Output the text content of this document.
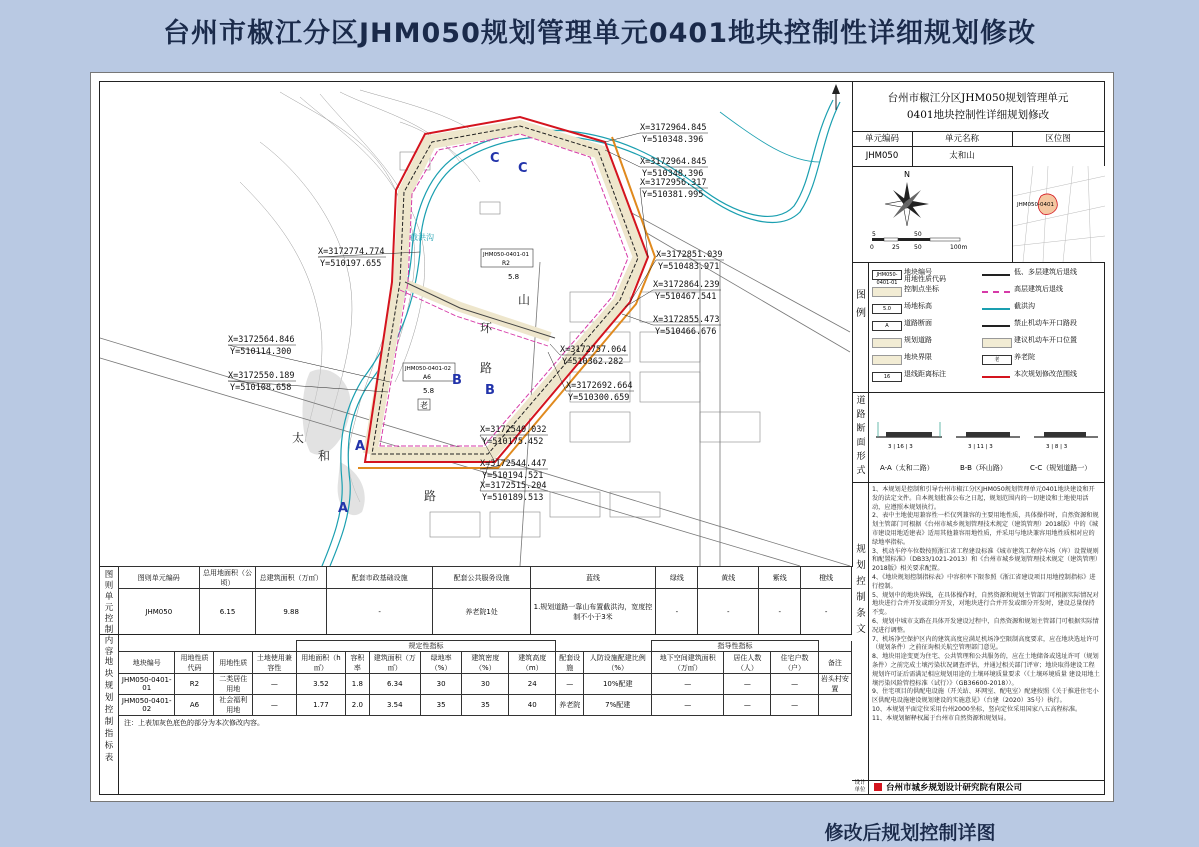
台州市椒江分区JHM050规划管理单元0401地块控制性详细规划修改
截洪沟
JHM050-0401-01
R2
5.8
JHM050-0401-02
A6
5.8
老
太
和
路
环
山
路
C
C
B
B
A
A
X=3172964.845
Y=510348.396
X=3172964.845
Y=510348.396
X=3172956.317
Y=510381.995
X=3172851.039
Y=510483.971
X=3172864.239
Y=510467.541
X=3172855.473
Y=510466.676
X=3172774.774
Y=510197.655
X=3172564.846
Y=510114.300
X=3172550.189
Y=510108.658
X=3172757.064
Y=510362.282
X=3172692.664
Y=510300.659
X=3172540.032
Y=510175.452
X=3172544.447
Y=510194.521
X=3172515.204
Y=510189.513
台州市椒江分区JHM050规划管理单元
0401地块控制性详细规划修改
单元编码	单元名称	区位图
JHM050	太和山
N
5	50
0	25 50	100m
JHM050-0401
图例
JHM050-0401-01
地块编号
用地性质代码
控制点坐标
5.0	场地标高
A	道路断面
规划道路
地块界限
16	退线距离标注
低、多层建筑后退线
高层建筑后退线
截洪沟
禁止机动车开口路段
建议机动车开口位置
老	养老院
本次规划修改范围线
道路断面形式
3 | 16 | 3
A-A（太和二路）
3 | 11 | 3
B-B（环山路）
3 | 8 | 3
C-C（规划道路一）
规划控制条文
1、本规划是控制和引导台州市椒江分区JHM050规划管理单元0401地块建设和开发的法定文件。自本规划批准公布之日起，规划范围内的一切建设和土地使用活动，应遵照本规划执行。
2、表中主地使用兼容性一栏仅列兼容的主要用地性质，具体操作时，自然资源和规划主管部门可根据《台州市城乡规划管理技术规定（建筑管理）2018版》中的《城市建设用地适建表》适用其他兼容用地性质，并采用与地块兼容用地性质相对应的绿地率指标。
3、机动车停车位数按照浙江省工程建设标准《城市建筑工程停车场（库）设置规则和配置标准》（DB33/1021-2013）和《台州市城乡规划管理技术规定（建筑管理）2018版》相关要求配置。
4、《地块规划控制指标表》中容积率下限参照《浙江省建设项目用地控制指标》进行控制。
5、规划中的地块界线，在具体操作时，自然资源和规划主管部门可根据实际情况对地块进行合并开发或细分开发，对地块进行合并开发或细分开发时，建设总量保持不变。
6、规划中城市支路在具体开发建设过程中，自然资源和规划主管部门可根据实际情况进行调整。
7、机场净空保护区内的建筑高度应满足机场净空限制高度要求，应在地块选址许可（规划条件）之前征询相关航空管理部门意见。
8、地块用途变更为住宅、公共管理和公共服务的，应在土地储备或选址许可（规划条件）之前完成土壤污染状况调查评估，并通过相关部门评审；地块取得建设工程规划许可证后需满足相应规划用途的土壤环境质量要求（《土壤环境质量 建设用地土壤污染风险管控标准（试行）》（GB36600-2018））。
9、住宅项目的供配电设施（开关站、环网室、配电室）配建按照《关于推进住宅小区供配电设施建设规划建设的实施意见》（台建（2020）35号）执行。
10、本规划平面定位采用台州2000坐标，竖向定位采用国家八五高程标准。
11、本规划解释权属于台州市自然资源和规划局。
设计单位	台州市城乡规划设计研究院有限公司
图则单元控制内容
图则单元编码	总用地面积（公顷）	总建筑面积（万㎡）	配套市政基础设施	配套公共服务设施	蓝线	绿线	黄线	紫线	橙线
JHM050	6.15	9.88	-	养老院1处	1.规划道路一靠山布置截洪沟，宽度控制不小于3米	-	-	-	-
地块规划控制指标表
				规定性指标								指导性指标			
地块编号	用地性质代码	用地性质	土地使用兼容性	用地面积（h㎡）	容积率	建筑面积（万㎡）	绿地率（%）	建筑密度（%）	建筑高度（m）	配套设施	人防设施配建比例（%）	地下空间建筑面积（万㎡）	居住人数（人）	住宅户数（户）	备注
JHM050-0401-01	R2	二类居住用地	—	3.52	1.8	6.34	30	30	24	—	10%配建	—	—	—	岩头村安置
JHM050-0401-02	A6	社会福利用地	—	1.77	2.0	3.54	35	35	40	养老院	7%配建	—	—	—	
注：上表加灰色底色的部分为本次修改内容。
修改后规划控制详图
